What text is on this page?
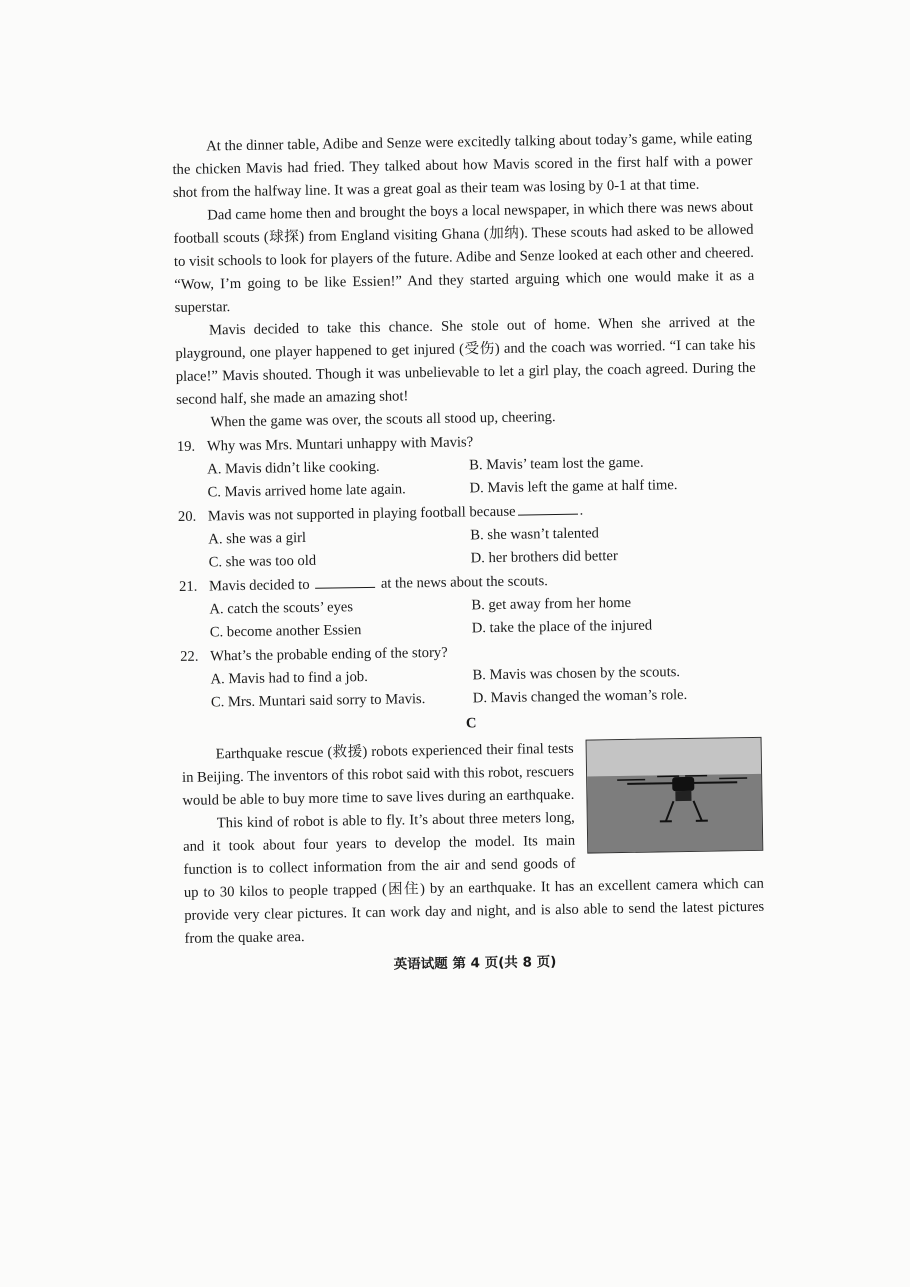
At the dinner table, Adibe and Senze were excitedly talking about today’s game, while eating the chicken Mavis had fried. They talked about how Mavis scored in the first half with a power shot from the halfway line. It was a great goal as their team was losing by 0-1 at that time.

Dad came home then and brought the boys a local newspaper, in which there was news about football scouts (球探) from England visiting Ghana (加纳). These scouts had asked to be allowed to visit schools to look for players of the future. Adibe and Senze looked at each other and cheered. “Wow, I’m going to be like Essien!” And they started arguing which one would make it as a superstar.

Mavis decided to take this chance. She stole out of home. When she arrived at the playground, one player happened to get injured (受伤) and the coach was worried. “I can take his place!” Mavis shouted. Though it was unbelievable to let a girl play, the coach agreed. During the second half, she made an amazing shot!

When the game was over, the scouts all stood up, cheering.

19. Why was Mrs. Muntari unhappy with Mavis?
A. Mavis didn’t like cooking.	B. Mavis’ team lost the game.
C. Mavis arrived home late again.	D. Mavis left the game at half time.
20. Mavis was not supported in playing football because	.
A. she was a girl	B. she wasn’t talented
C. she was too old	D. her brothers did better
21. Mavis decided to	at the news about the scouts.
A. catch the scouts’ eyes	B. get away from her home
C. become another Essien	D. take the place of the injured
22. What’s the probable ending of the story?
A. Mavis had to find a job.	B. Mavis was chosen by the scouts.
C. Mrs. Muntari said sorry to Mavis.	D. Mavis changed the woman’s role.
C

Earthquake rescue (救援) robots experienced their final tests in Beijing. The inventors of this robot said with this robot, rescuers would be able to buy more time to save lives during an earthquake.

This kind of robot is able to fly. It’s about three meters long, and it took about four years to develop the model. Its main function is to collect information from the air and send goods of up to 30 kilos to people trapped (困住) by an earthquake. It has an excellent camera which can provide very clear pictures. It can work day and night, and is also able to send the latest pictures from the quake area.

英语试题 第 4 页(共 8 页)
